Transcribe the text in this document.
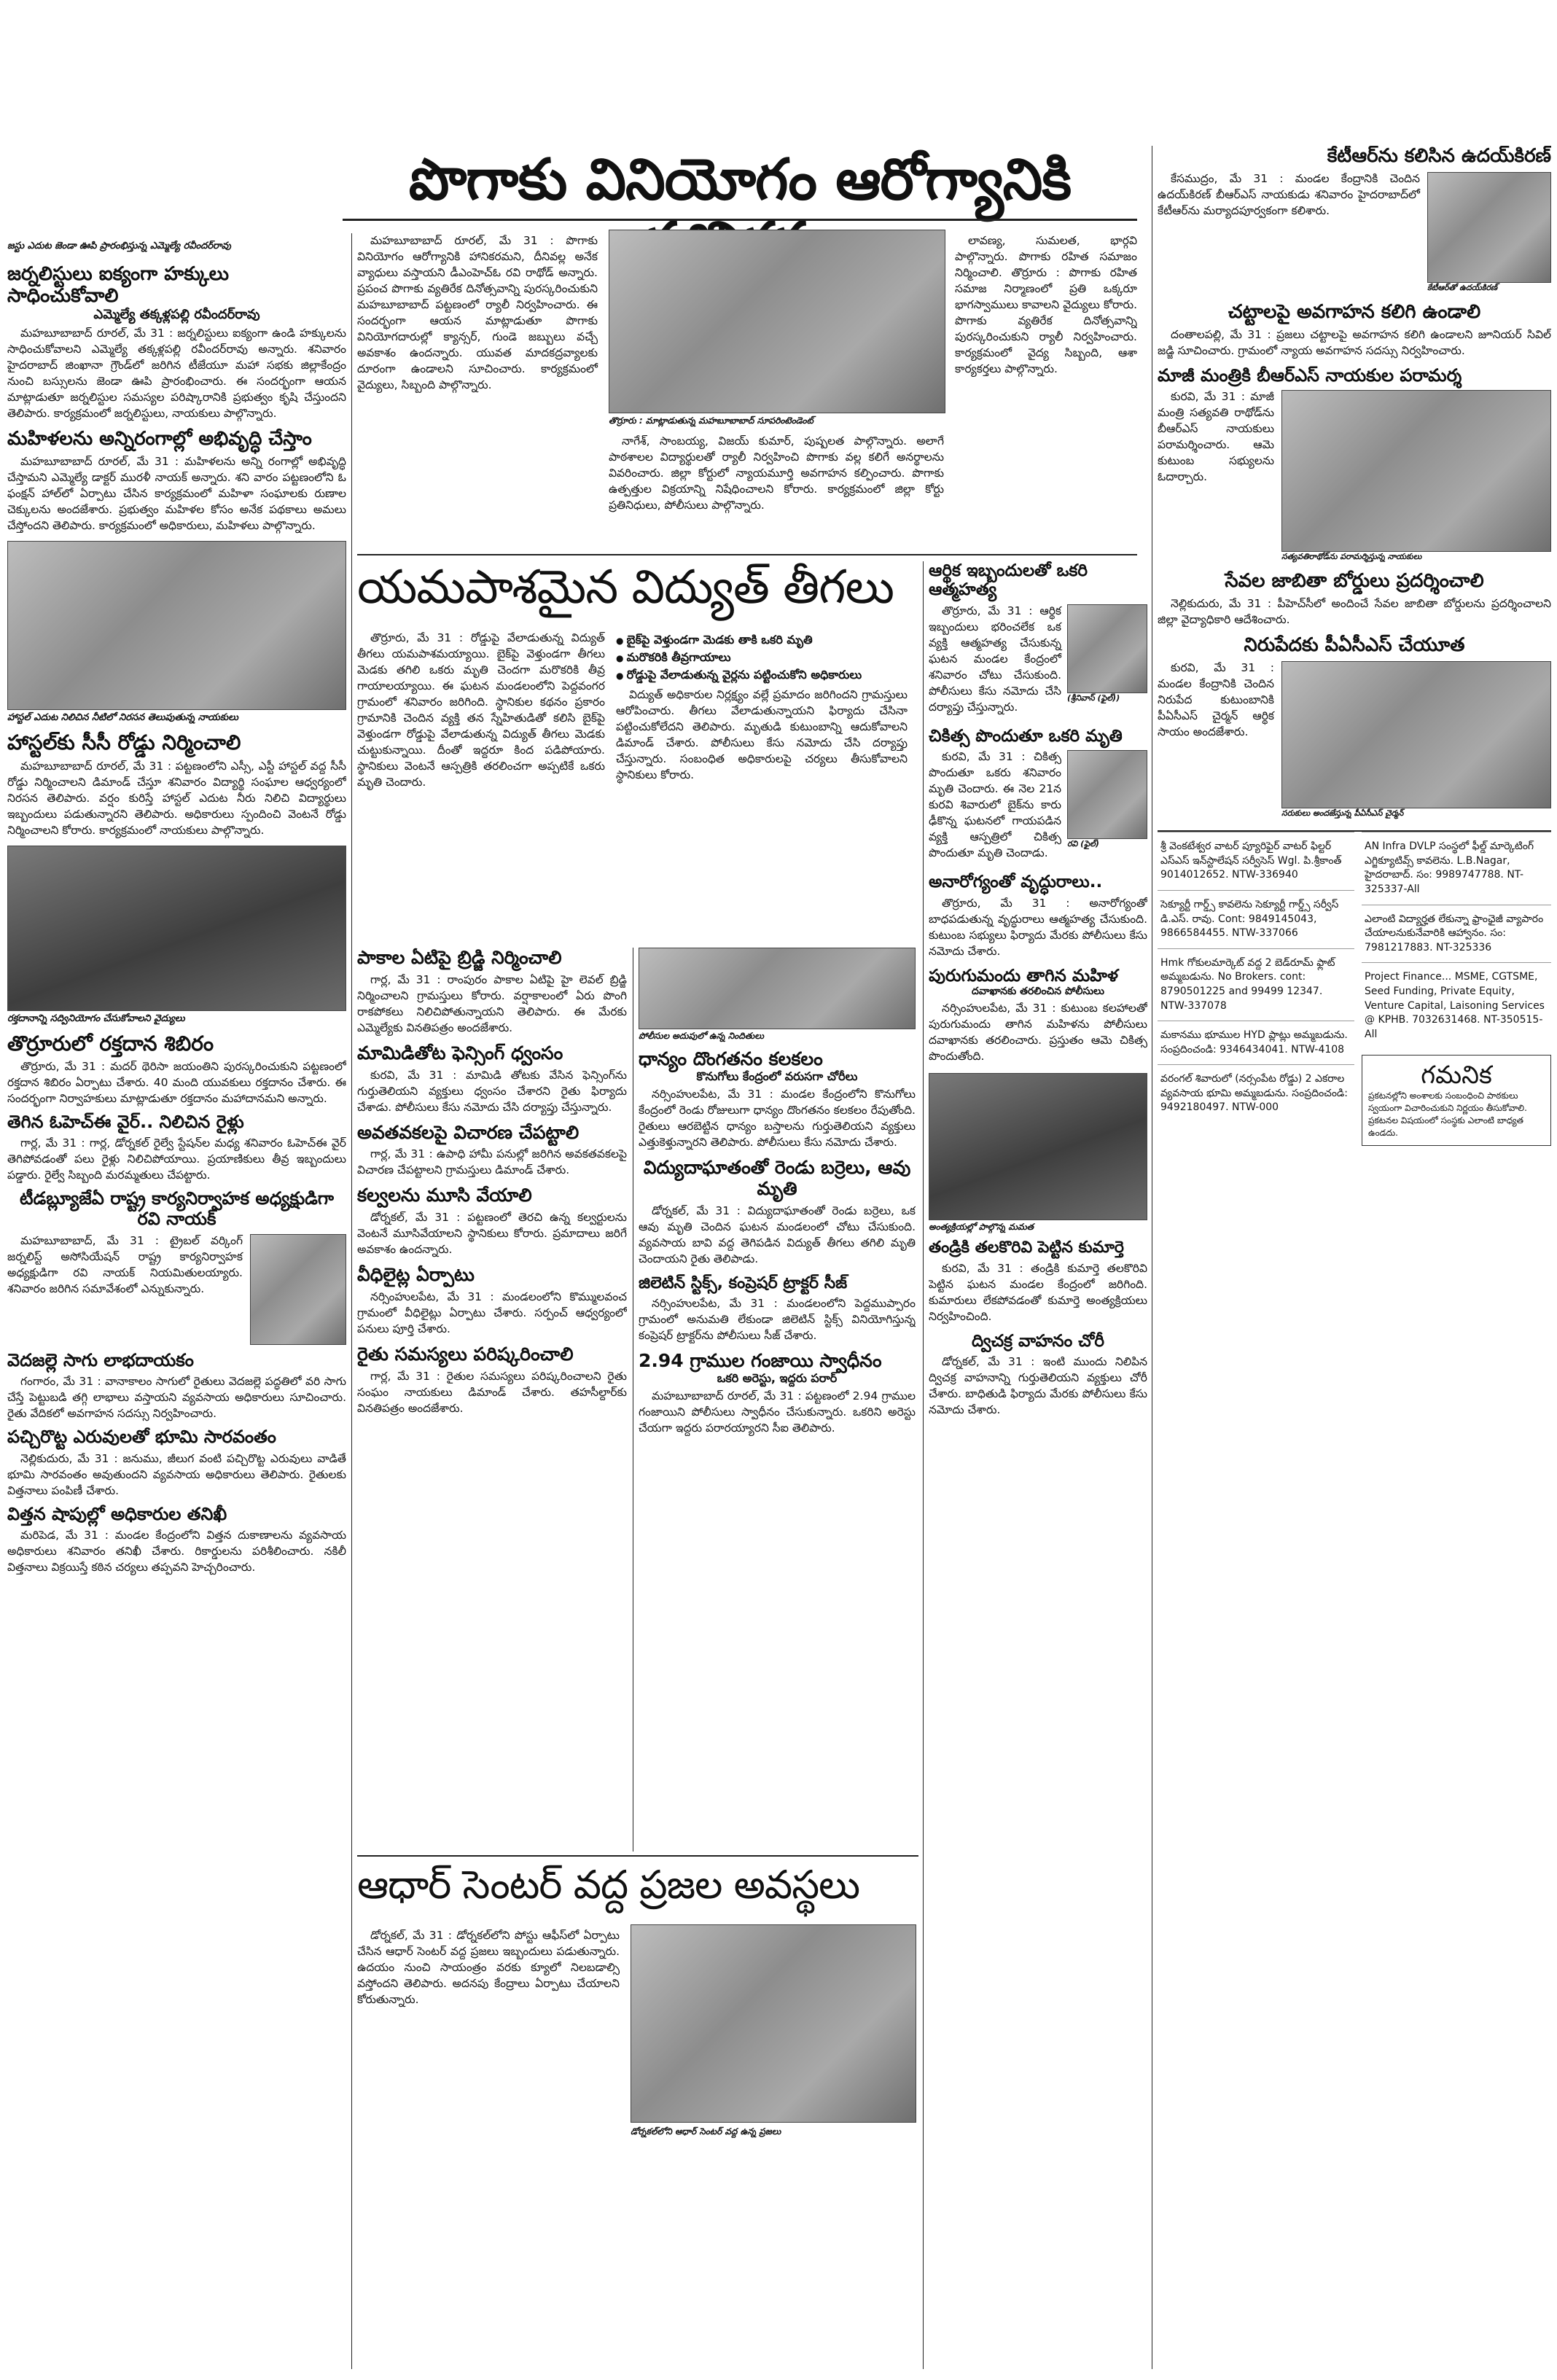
పొగాకు వినియోగం ఆరోగ్యానికి
జస్టు ఎదుట జెండా ఊపి ప్రారంభిస్తున్న ఎమ్మెల్యే రవీందర్‌రావు
జర్నలిస్టులు ఐక్యంగా హక్కులు సాధించుకోవాలి
ఎమ్మెల్యే తక్కళ్లపల్లి రవీందర్‌రావు

మహబూబాబాద్ రూరల్, మే 31 : జర్నలిస్టులు ఐక్యంగా ఉండి హక్కులను సాధించుకోవాలని ఎమ్మెల్యే తక్కళ్లపల్లి రవీందర్‌రావు అన్నారు. శనివారం హైదరాబాద్ జింఖానా గ్రౌండ్‌లో జరిగిన టీజేయూ మహా సభకు జిల్లాకేంద్రం నుంచి బస్సులను జెండా ఊపి ప్రారంభించారు. ఈ సందర్భంగా ఆయన మాట్లాడుతూ జర్నలిస్టుల సమస్యల పరిష్కారానికి ప్రభుత్వం కృషి చేస్తుందని తెలిపారు. కార్యక్రమంలో జర్నలిస్టులు, నాయకులు పాల్గొన్నారు.

మహిళలను అన్నిరంగాల్లో అభివృద్ధి చేస్తాం

మహబూబాబాద్ రూరల్, మే 31 : మహిళలను అన్ని రంగాల్లో అభివృద్ధి చేస్తామని ఎమ్మెల్యే డాక్టర్ మురళీ నాయక్ అన్నారు. శని వారం పట్టణంలోని ఓ ఫంక్షన్ హాల్‌లో ఏర్పాటు చేసిన కార్యక్రమంలో మహిళా సంఘాలకు రుణాల చెక్కులను అందజేశారు. ప్రభుత్వం మహిళల కోసం అనేక పథకాలు అమలు చేస్తోందని తెలిపారు. కార్యక్రమంలో అధికారులు, మహిళలు పాల్గొన్నారు.

హాస్టల్ ఎదుట నిలిచిన నీటిలో నిరసన తెలుపుతున్న నాయకులు
హాస్టల్‌కు సీసీ రోడ్డు నిర్మించాలి

మహబూబాబాద్ రూరల్, మే 31 : పట్టణంలోని ఎస్సీ, ఎస్టీ హాస్టల్ వద్ద సీసీ రోడ్డు నిర్మించాలని డిమాండ్ చేస్తూ శనివారం విద్యార్థి సంఘాల ఆధ్వర్యంలో నిరసన తెలిపారు. వర్షం కురిస్తే హాస్టల్ ఎదుట నీరు నిలిచి విద్యార్థులు ఇబ్బందులు పడుతున్నారని తెలిపారు. అధికారులు స్పందించి వెంటనే రోడ్డు నిర్మించాలని కోరారు. కార్యక్రమంలో నాయకులు పాల్గొన్నారు.

రక్తదానాన్ని సద్వినియోగం చేసుకోవాలని వైద్యులు
తొర్రూరులో రక్తదాన శిబిరం

తొర్రూరు, మే 31 : మదర్ థెరిసా జయంతిని పురస్కరించుకుని పట్టణంలో రక్తదాన శిబిరం ఏర్పాటు చేశారు. 40 మంది యువకులు రక్తదానం చేశారు. ఈ సందర్భంగా నిర్వాహకులు మాట్లాడుతూ రక్తదానం మహాదానమని అన్నారు.

తెగిన ఓహెచ్‌ఈ వైర్.. నిలిచిన రైళ్లు

గార్ల, మే 31 : గార్ల, డోర్నకల్ రైల్వే స్టేషన్‌ల మధ్య శనివారం ఓహెచ్ఈ వైర్ తెగిపోవడంతో పలు రైళ్లు నిలిచిపోయాయి. ప్రయాణికులు తీవ్ర ఇబ్బందులు పడ్డారు. రైల్వే సిబ్బంది మరమ్మతులు చేపట్టారు.

టీడబ్ల్యూజేఏ రాష్ట్ర కార్యనిర్వాహక అధ్యక్షుడిగా రవి నాయక్

మహబూబాబాద్, మే 31 : ట్రైబల్ వర్కింగ్ జర్నలిస్ట్ అసోసియేషన్ రాష్ట్ర కార్యనిర్వాహక అధ్యక్షుడిగా రవి నాయక్ నియమితులయ్యారు. శనివారం జరిగిన సమావేశంలో ఎన్నుకున్నారు.

వెదజల్లె సాగు లాభదాయకం

గంగారం, మే 31 : వానాకాలం సాగులో రైతులు వెదజల్లె పద్ధతిలో వరి సాగు చేస్తే పెట్టుబడి తగ్గి లాభాలు వస్తాయని వ్యవసాయ అధికారులు సూచించారు. రైతు వేదికలో అవగాహన సదస్సు నిర్వహించారు.

పచ్చిరొట్ట ఎరువులతో భూమి సారవంతం

నెల్లికుదురు, మే 31 : జనుము, జీలుగ వంటి పచ్చిరొట్ట ఎరువులు వాడితే భూమి సారవంతం అవుతుందని వ్యవసాయ అధికారులు తెలిపారు. రైతులకు విత్తనాలు పంపిణీ చేశారు.

విత్తన షాపుల్లో అధికారుల తనిఖీ

మరిపెడ, మే 31 : మండల కేంద్రంలోని విత్తన దుకాణాలను వ్యవసాయ అధికారులు శనివారం తనిఖీ చేశారు. రికార్డులను పరిశీలించారు. నకిలీ విత్తనాలు విక్రయిస్తే కఠిన చర్యలు తప్పవని హెచ్చరించారు.

మహబూబాబాద్ రూరల్, మే 31 : పొగాకు వినియోగం ఆరోగ్యానికి హానికరమని, దీనివల్ల అనేక వ్యాధులు వస్తాయని డీఎంహెచ్‌ఓ రవి రాథోడ్ అన్నారు. ప్రపంచ పొగాకు వ్యతిరేక దినోత్సవాన్ని పురస్కరించుకుని మహబూబాబాద్ పట్టణంలో ర్యాలీ నిర్వహించారు. ఈ సందర్భంగా ఆయన మాట్లాడుతూ పొగాకు వినియోగదారుల్లో క్యాన్సర్, గుండె జబ్బులు వచ్చే అవకాశం ఉందన్నారు. యువత మాదకద్రవ్యాలకు దూరంగా ఉండాలని సూచించారు. కార్యక్రమంలో వైద్యులు, సిబ్బంది పాల్గొన్నారు.

తొర్రూరు : మాట్లాడుతున్న మహబూబాబాద్ సూపరింటెండెంట్

నాగేశ్, సాంబయ్య, విజయ్ కుమార్, పుష్పలత పాల్గొన్నారు. అలాగే పాఠశాలల విద్యార్థులతో ర్యాలీ నిర్వహించి పొగాకు వల్ల కలిగే అనర్థాలను వివరించారు. జిల్లా కోర్టులో న్యాయమూర్తి అవగాహన కల్పించారు. పొగాకు ఉత్పత్తుల విక్రయాన్ని నిషేధించాలని కోరారు. కార్యక్రమంలో జిల్లా కోర్టు ప్రతినిధులు, పోలీసులు పాల్గొన్నారు.

లావణ్య, సుమలత, భార్గవి పాల్గొన్నారు. పొగాకు రహిత సమాజం నిర్మించాలి. తొర్రూరు : పొగాకు రహిత సమాజ నిర్మాణంలో ప్రతి ఒక్కరూ భాగస్వాములు కావాలని వైద్యులు కోరారు. పొగాకు వ్యతిరేక దినోత్సవాన్ని పురస్కరించుకుని ర్యాలీ నిర్వహించారు. కార్యక్రమంలో వైద్య సిబ్బంది, ఆశా కార్యకర్తలు పాల్గొన్నారు.

యమపాశమైన విద్యుత్ తీగలు

తొర్రూరు, మే 31 : రోడ్డుపై వేలాడుతున్న విద్యుత్ తీగలు యమపాశమయ్యాయి. బైక్‌పై వెళ్తుండగా తీగలు మెడకు తగిలి ఒకరు మృతి చెందగా మరొకరికి తీవ్ర గాయాలయ్యాయి. ఈ ఘటన మండలంలోని పెద్దవంగర గ్రామంలో శనివారం జరిగింది. స్థానికుల కథనం ప్రకారం గ్రామానికి చెందిన వ్యక్తి తన స్నేహితుడితో కలిసి బైక్‌పై వెళ్తుండగా రోడ్డుపై వేలాడుతున్న విద్యుత్ తీగలు మెడకు చుట్టుకున్నాయి. దీంతో ఇద్దరూ కింద పడిపోయారు. స్థానికులు వెంటనే ఆస్పత్రికి తరలించగా అప్పటికే ఒకరు మృతి చెందారు.

● బైక్‌పై వెళ్తుండగా మెడకు తాకి ఒకరి మృతి
● మరొకరికి తీవ్రగాయాలు
● రోడ్డుపై వేలాడుతున్న వైర్లను పట్టించుకోని అధికారులు

విద్యుత్ అధికారుల నిర్లక్ష్యం వల్లే ప్రమాదం జరిగిందని గ్రామస్తులు ఆరోపించారు. తీగలు వేలాడుతున్నాయని ఫిర్యాదు చేసినా పట్టించుకోలేదని తెలిపారు. మృతుడి కుటుంబాన్ని ఆదుకోవాలని డిమాండ్ చేశారు. పోలీసులు కేసు నమోదు చేసి దర్యాప్తు చేస్తున్నారు. సంబంధిత అధికారులపై చర్యలు తీసుకోవాలని స్థానికులు కోరారు.

పాకాల ఏటిపై బ్రిడ్జి నిర్మించాలి

గార్ల, మే 31 : రాంపురం పాకాల ఏటిపై హై లెవల్ బ్రిడ్జి నిర్మించాలని గ్రామస్తులు కోరారు. వర్షాకాలంలో ఏరు పొంగి రాకపోకలు నిలిచిపోతున్నాయని తెలిపారు. ఈ మేరకు ఎమ్మెల్యేకు వినతిపత్రం అందజేశారు.

మామిడితోట ఫెన్సింగ్ ధ్వంసం

కురవి, మే 31 : మామిడి తోటకు వేసిన ఫెన్సింగ్‌ను గుర్తుతెలియని వ్యక్తులు ధ్వంసం చేశారని రైతు ఫిర్యాదు చేశాడు. పోలీసులు కేసు నమోదు చేసి దర్యాప్తు చేస్తున్నారు.

అవతవకలపై విచారణ చేపట్టాలి

గార్ల, మే 31 : ఉపాధి హామీ పనుల్లో జరిగిన అవకతవకలపై విచారణ చేపట్టాలని గ్రామస్తులు డిమాండ్ చేశారు.

కల్వలను మూసి వేయాలి

డోర్నకల్, మే 31 : పట్టణంలో తెరచి ఉన్న కల్వర్టులను వెంటనే మూసివేయాలని స్థానికులు కోరారు. ప్రమాదాలు జరిగే అవకాశం ఉందన్నారు.

వీధిలైట్ల ఏర్పాటు

నర్సింహులపేట, మే 31 : మండలంలోని కొమ్ములవంచ గ్రామంలో వీధిలైట్లు ఏర్పాటు చేశారు. సర్పంచ్ ఆధ్వర్యంలో పనులు పూర్తి చేశారు.

రైతు సమస్యలు పరిష్కరించాలి

గార్ల, మే 31 : రైతుల సమస్యలు పరిష్కరించాలని రైతు సంఘం నాయకులు డిమాండ్ చేశారు. తహసీల్దార్‌కు వినతిపత్రం అందజేశారు.

పోలీసుల అదుపులో ఉన్న నిందితులు
ధాన్యం దొంగతనం కలకలం
కొనుగోలు కేంద్రంలో వరుసగా చోరీలు

నర్సింహులపేట, మే 31 : మండల కేంద్రంలోని కొనుగోలు కేంద్రంలో రెండు రోజులుగా ధాన్యం దొంగతనం కలకలం రేపుతోంది. రైతులు ఆరబెట్టిన ధాన్యం బస్తాలను గుర్తుతెలియని వ్యక్తులు ఎత్తుకెళ్తున్నారని తెలిపారు. పోలీసులు కేసు నమోదు చేశారు.

విద్యుదాఘాతంతో రెండు బర్రెలు, ఆవు మృతి

డోర్నకల్, మే 31 : విద్యుదాఘాతంతో రెండు బర్రెలు, ఒక ఆవు మృతి చెందిన ఘటన మండలంలో చోటు చేసుకుంది. వ్యవసాయ బావి వద్ద తెగిపడిన విద్యుత్ తీగలు తగిలి మృతి చెందాయని రైతు తెలిపాడు.

జిలెటిన్ స్టిక్స్, కంప్రెషర్ ట్రాక్టర్ సీజ్

నర్సింహులపేట, మే 31 : మండలంలోని పెద్దముప్పారం గ్రామంలో అనుమతి లేకుండా జిలెటిన్ స్టిక్స్ వినియోగిస్తున్న కంప్రెషర్ ట్రాక్టర్‌ను పోలీసులు సీజ్ చేశారు.

2.94 గ్రాముల గంజాయి స్వాధీనం
ఒకరి అరెస్టు, ఇద్దరు పరార్

మహబూబాబాద్ రూరల్, మే 31 : పట్టణంలో 2.94 గ్రాముల గంజాయిని పోలీసులు స్వాధీనం చేసుకున్నారు. ఒకరిని అరెస్టు చేయగా ఇద్దరు పరారయ్యారని సీఐ తెలిపారు.

ఆధార్ సెంటర్ వద్ద ప్రజల అవస్థలు

డోర్నకల్, మే 31 : డోర్నకల్‌లోని పోస్టు ఆఫీస్‌లో ఏర్పాటు చేసిన ఆధార్ సెంటర్ వద్ద ప్రజలు ఇబ్బందులు పడుతున్నారు. ఉదయం నుంచి సాయంత్రం వరకు క్యూలో నిలబడాల్సి వస్తోందని తెలిపారు. అదనపు కేంద్రాలు ఏర్పాటు చేయాలని కోరుతున్నారు.

డోర్నకల్‌లోని ఆధార్ సెంటర్ వద్ద ఉన్న ప్రజలు
ఆర్థిక ఇబ్బందులతో ఒకరి ఆత్మహత్య

తొర్రూరు, మే 31 : ఆర్థిక ఇబ్బందులు భరించలేక ఒక వ్యక్తి ఆత్మహత్య చేసుకున్న ఘటన మండల కేంద్రంలో శనివారం చోటు చేసుకుంది. పోలీసులు కేసు నమోదు చేసి దర్యాప్తు చేస్తున్నారు.

(శ్రీనివాస్ (ఫైల్))
చికిత్స పొందుతూ ఒకరి మృతి

కురవి, మే 31 : చికిత్స పొందుతూ ఒకరు శనివారం మృతి చెందారు. ఈ నెల 21న కురవి శివారులో బైక్‌ను కారు ఢీకొన్న ఘటనలో గాయపడిన వ్యక్తి ఆస్పత్రిలో చికిత్స పొందుతూ మృతి చెందాడు.

రవి (ఫైల్)
అనారోగ్యంతో వృద్ధురాలు..

తొర్రూరు, మే 31 : అనారోగ్యంతో బాధపడుతున్న వృద్ధురాలు ఆత్మహత్య చేసుకుంది. కుటుంబ సభ్యులు ఫిర్యాదు మేరకు పోలీసులు కేసు నమోదు చేశారు.

పురుగుమందు తాగిన మహిళ
దవాఖానకు తరలించిన పోలీసులు

నర్సింహులపేట, మే 31 : కుటుంబ కలహాలతో పురుగుమందు తాగిన మహిళను పోలీసులు దవాఖానకు తరలించారు. ప్రస్తుతం ఆమె చికిత్స పొందుతోంది.

అంత్యక్రియల్లో పాల్గొన్న మమత
తండ్రికి తలకొరివి పెట్టిన కుమార్తె

కురవి, మే 31 : తండ్రికి కుమార్తె తలకొరివి పెట్టిన ఘటన మండల కేంద్రంలో జరిగింది. కుమారులు లేకపోవడంతో కుమార్తె అంత్యక్రియలు నిర్వహించింది.

ద్విచక్ర వాహనం చోరీ

డోర్నకల్, మే 31 : ఇంటి ముందు నిలిపిన ద్విచక్ర వాహనాన్ని గుర్తుతెలియని వ్యక్తులు చోరీ చేశారు. బాధితుడి ఫిర్యాదు మేరకు పోలీసులు కేసు నమోదు చేశారు.

కేటీఆర్‌ను కలిసిన ఉదయ్‌కిరణ్

కేసముద్రం, మే 31 : మండల కేంద్రానికి చెందిన ఉదయ్‌కిరణ్ బీఆర్ఎస్ నాయకుడు శనివారం హైదరాబాద్‌లో కేటీఆర్‌ను మర్యాదపూర్వకంగా కలిశారు.

కేటీఆర్‌తో ఉదయ్‌కిరణ్
చట్టాలపై అవగాహన కలిగి ఉండాలి

దంతాలపల్లి, మే 31 : ప్రజలు చట్టాలపై అవగాహన కలిగి ఉండాలని జూనియర్ సివిల్ జడ్జి సూచించారు. గ్రామంలో న్యాయ అవగాహన సదస్సు నిర్వహించారు.

మాజీ మంత్రికి బీఆర్ఎస్ నాయకుల పరామర్శ

కురవి, మే 31 : మాజీ మంత్రి సత్యవతి రాథోడ్‌ను బీఆర్ఎస్ నాయకులు పరామర్శించారు. ఆమె కుటుంబ సభ్యులను ఓదార్చారు.

సత్యవతిరాథోడ్‌ను పరామర్శిస్తున్న నాయకులు
సేవల జాబితా బోర్డులు ప్రదర్శించాలి

నెల్లికుదురు, మే 31 : పీహెచ్‌సీలో అందించే సేవల జాబితా బోర్డులను ప్రదర్శించాలని జిల్లా వైద్యాధికారి ఆదేశించారు.

నిరుపేదకు పీఏసీఎస్ చేయూత

కురవి, మే 31 : మండల కేంద్రానికి చెందిన నిరుపేద కుటుంబానికి పీఏసీఎస్ చైర్మన్ ఆర్థిక సాయం అందజేశారు.

సరుకులు అందజేస్తున్న పీఏసీఎస్ చైర్మన్
శ్రీ వెంకటేశ్వర వాటర్ ప్యూరిఫైర్ వాటర్ ఫిల్టర్ ఎస్ఎస్ ఇన్‌స్టాలేషన్ సర్వీసెస్ Wgl. పి.శ్రీకాంత్ 9014012652. NTW-336940
సెక్యూర్టీ గార్డ్స్ కావలెను సెక్యూర్టీ గార్డ్స్ సర్వీస్ డి.ఎస్. రావు. Cont: 9849145043, 9866584455. NTW-337066
Hmk గోకులమార్కెట్ వద్ద 2 బెడ్‌రూమ్ ఫ్లాట్ అమ్మబడును. No Brokers. cont: 8790501225 and 99499 12347. NTW-337078
మకానము భూముల HYD ప్లాట్లు అమ్మబడును. సంప్రదించండి: 9346434041. NTW-4108
వరంగల్ శివారులో (నర్సంపేట రోడ్డు) 2 ఎకరాల వ్యవసాయ భూమి అమ్మబడును. సంప్రదించండి: 9492180497. NTW-000
AN Infra DVLP సంస్థలో ఫీల్డ్ మార్కెటింగ్ ఎగ్జిక్యూటివ్స్ కావలెను. L.B.Nagar, హైదరాబాద్. సం: 9989747788. NT-325337-All
ఎలాంటి విద్యార్హత లేకున్నా ఫ్రాంఛైజీ వ్యాపారం చేయాలనుకునేవారికి ఆహ్వానం. సం: 7981217883. NT-325336
Project Finance... MSME, CGTSME, Seed Funding, Private Equity, Venture Capital, Laisoning Services @ KPHB. 7032631468. NT-350515-All
గమనిక
ప్రకటనల్లోని అంశాలకు సంబంధించి పాఠకులు స్వయంగా విచారించుకుని నిర్ణయం తీసుకోవాలి. ప్రకటనల విషయంలో సంస్థకు ఎలాంటి బాధ్యత ఉండదు.
